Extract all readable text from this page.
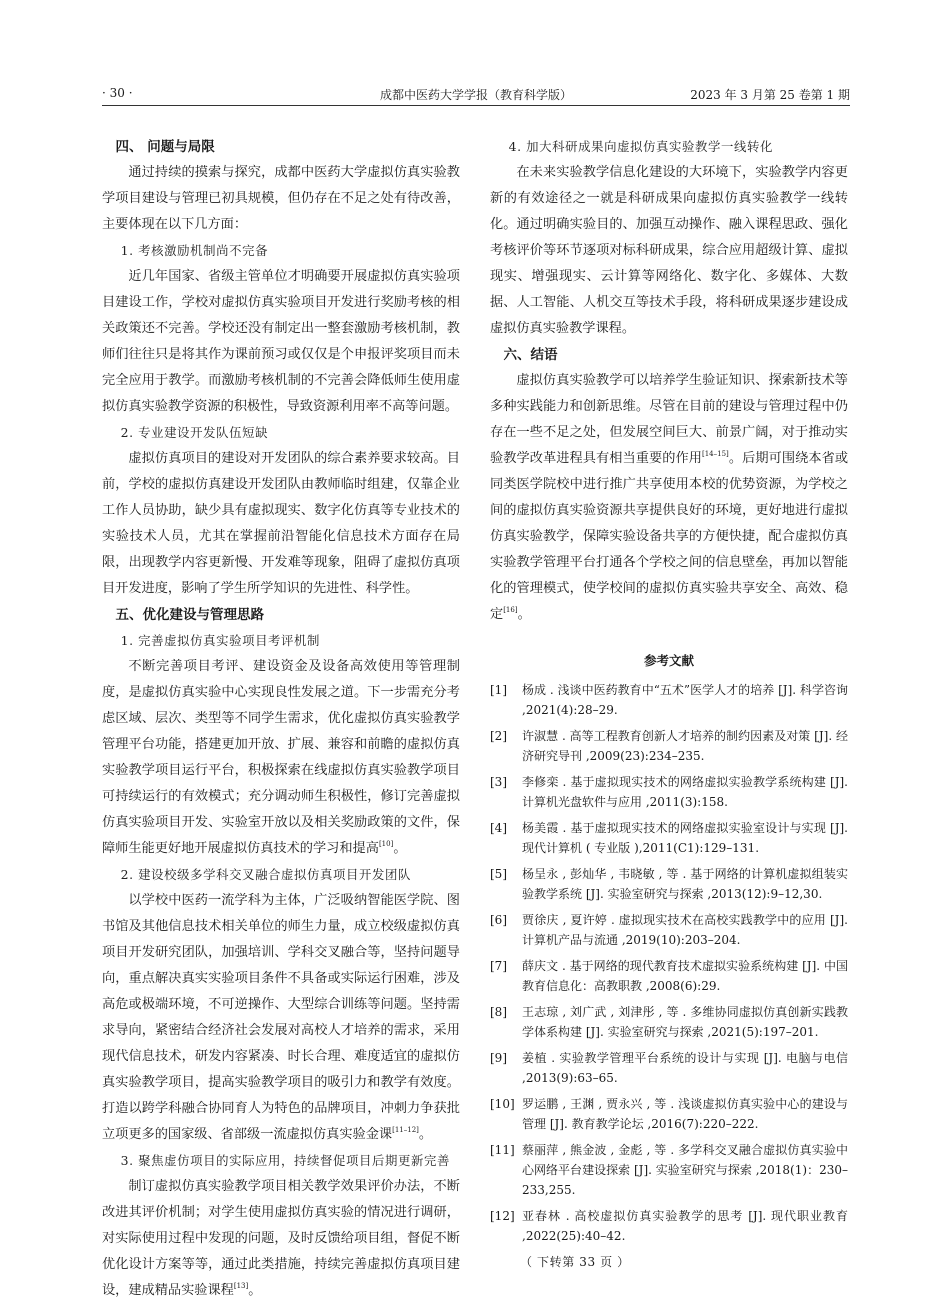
· 30 ·	成都中医药大学学报（教育科学版）	2023 年 3 月第 25 卷第 1 期
四、 问题与局限

通过持续的摸索与探究，成都中医药大学虚拟仿真实验教学项目建设与管理已初具规模，但仍存在不足之处有待改善，主要体现在以下几方面：

1. 考核激励机制尚不完备

近几年国家、省级主管单位才明确要开展虚拟仿真实验项目建设工作，学校对虚拟仿真实验项目开发进行奖励考核的相关政策还不完善。学校还没有制定出一整套激励考核机制，教师们往往只是将其作为课前预习或仅仅是个申报评奖项目而未完全应用于教学。而激励考核机制的不完善会降低师生使用虚拟仿真实验教学资源的积极性，导致资源利用率不高等问题。

2. 专业建设开发队伍短缺

虚拟仿真项目的建设对开发团队的综合素养要求较高。目前，学校的虚拟仿真建设开发团队由教师临时组建，仅靠企业工作人员协助，缺少具有虚拟现实、数字化仿真等专业技术的实验技术人员，尤其在掌握前沿智能化信息技术方面存在局限，出现教学内容更新慢、开发难等现象，阻碍了虚拟仿真项目开发进度，影响了学生所学知识的先进性、科学性。

五、优化建设与管理思路

1. 完善虚拟仿真实验项目考评机制

不断完善项目考评、建设资金及设备高效使用等管理制度，是虚拟仿真实验中心实现良性发展之道。下一步需充分考虑区域、层次、类型等不同学生需求，优化虚拟仿真实验教学管理平台功能，搭建更加开放、扩展、兼容和前瞻的虚拟仿真实验教学项目运行平台，积极探索在线虚拟仿真实验教学项目可持续运行的有效模式；充分调动师生积极性，修订完善虚拟仿真实验项目开发、实验室开放以及相关奖励政策的文件，保障师生能更好地开展虚拟仿真技术的学习和提高[10]。

2. 建设校级多学科交叉融合虚拟仿真项目开发团队

以学校中医药一流学科为主体，广泛吸纳智能医学院、图书馆及其他信息技术相关单位的师生力量，成立校级虚拟仿真项目开发研究团队，加强培训、学科交叉融合等，坚持问题导向，重点解决真实实验项目条件不具备或实际运行困难，涉及高危或极端环境，不可逆操作、大型综合训练等问题。坚持需求导向，紧密结合经济社会发展对高校人才培养的需求，采用现代信息技术，研发内容紧凑、时长合理、难度适宜的虚拟仿真实验教学项目，提高实验教学项目的吸引力和教学有效度。打造以跨学科融合协同育人为特色的品牌项目，冲刺力争获批立项更多的国家级、省部级一流虚拟仿真实验金课[11–12]。

3. 聚焦虚仿项目的实际应用，持续督促项目后期更新完善

制订虚拟仿真实验教学项目相关教学效果评价办法，不断改进其评价机制；对学生使用虚拟仿真实验的情况进行调研，对实际使用过程中发现的问题，及时反馈给项目组，督促不断优化设计方案等等，通过此类措施，持续完善虚拟仿真项目建设，建成精品实验课程[13]。

4. 加大科研成果向虚拟仿真实验教学一线转化

在未来实验教学信息化建设的大环境下，实验教学内容更新的有效途径之一就是科研成果向虚拟仿真实验教学一线转化。通过明确实验目的、加强互动操作、融入课程思政、强化考核评价等环节逐项对标科研成果，综合应用超级计算、虚拟现实、增强现实、云计算等网络化、数字化、多媒体、大数据、人工智能、人机交互等技术手段，将科研成果逐步建设成虚拟仿真实验教学课程。

六、结语

虚拟仿真实验教学可以培养学生验证知识、探索新技术等多种实践能力和创新思维。尽管在目前的建设与管理过程中仍存在一些不足之处，但发展空间巨大、前景广阔，对于推动实验教学改革进程具有相当重要的作用[14–15]。后期可围绕本省或同类医学院校中进行推广共享使用本校的优势资源，为学校之间的虚拟仿真实验资源共享提供良好的环境，更好地进行虚拟仿真实验教学，保障实验设备共享的方便快捷，配合虚拟仿真实验教学管理平台打通各个学校之间的信息壁垒，再加以智能化的管理模式，使学校间的虚拟仿真实验共享安全、高效、稳定[16]。

参考文献
[1] 杨成 . 浅谈中医药教育中“五术”医学人才的培养 [J]. 科学咨询 ,2021(4):28–29.
[2] 许淑慧 . 高等工程教育创新人才培养的制约因素及对策 [J]. 经济研究导刊 ,2009(23):234–235.
[3] 李修栾 . 基于虚拟现实技术的网络虚拟实验教学系统构建 [J]. 计算机光盘软件与应用 ,2011(3):158.
[4] 杨美霞 . 基于虚拟现实技术的网络虚拟实验室设计与实现 [J]. 现代计算机 ( 专业版 ),2011(C1):129–131.
[5] 杨呈永 , 彭灿华 , 韦晓敏 , 等 . 基于网络的计算机虚拟组装实验教学系统 [J]. 实验室研究与探索 ,2013(12):9–12,30.
[6] 贾徐庆 , 夏许婷 . 虚拟现实技术在高校实践教学中的应用 [J]. 计算机产品与流通 ,2019(10):203–204.
[7] 薛庆文 . 基于网络的现代教育技术虚拟实验系统构建 [J]. 中国教育信息化：高教职教 ,2008(6):29.
[8] 王志琼 , 刘广武 , 刘津彤 , 等 . 多维协同虚拟仿真创新实践教学体系构建 [J]. 实验室研究与探索 ,2021(5):197–201.
[9] 姜植 . 实验教学管理平台系统的设计与实现 [J]. 电脑与电信 ,2013(9):63–65.
[10] 罗运鹏 , 王渊 , 贾永兴 , 等 . 浅谈虚拟仿真实验中心的建设与管理 [J]. 教育教学论坛 ,2016(7):220–222.
[11] 蔡丽萍 , 熊金波 , 金彪 , 等 . 多学科交叉融合虚拟仿真实验中心网络平台建设探索 [J]. 实验室研究与探索 ,2018(1)：230–233,255.
[12] 亚春林 . 高校虚拟仿真实验教学的思考 [J]. 现代职业教育 ,2022(25):40–42.

（ 下转第 33 页 ）
